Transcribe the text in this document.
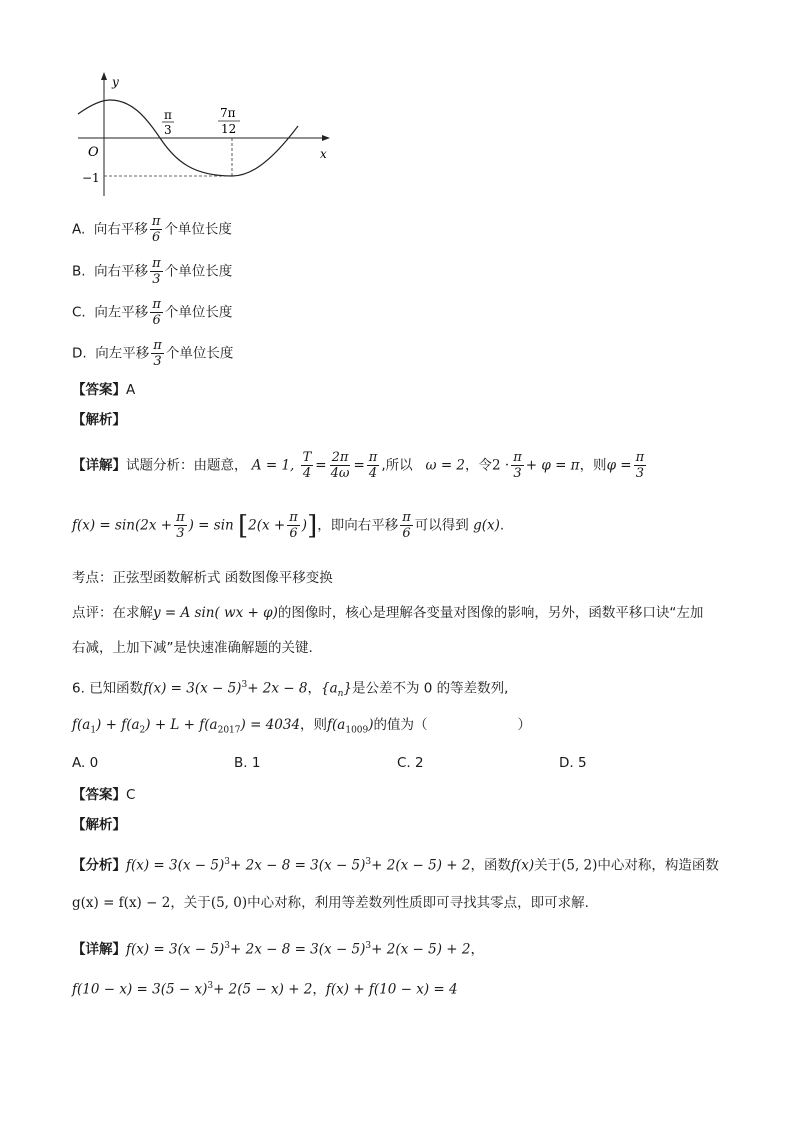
y
x
O
−1
π
3
7π
12
A. 向右平移 $\frac{\pi}{6}$ 个单位长度
B. 向右平移 $\frac{\pi}{3}$ 个单位长度
C. 向左平移 $\frac{\pi}{6}$ 个单位长度
D. 向左平移 $\frac{\pi}{3}$ 个单位长度
【答案】A
【解析】
【详解】试题分析：由题意， A = 1, $\frac{T}{4} = \frac{2\pi}{4\omega} = \frac{\pi}{4}$ ,所以 ω = 2，令$2 \cdot \frac{\pi}{3} + \varphi = \pi$，则$\varphi = \frac{\pi}{3}$
$f(x) = \sin(2x + \frac{\pi}{3}$ ) = $\sin [2(x + \frac{\pi}{6}$ )]，即向右平移 $\frac{\pi}{6}$ 可以得到 g(x).
考点：正弦型函数解析式 函数图像平移变换
点评：在求解y = A sin( wx + φ)的图像时，核心是理解各变量对图像的影响，另外，函数平移口诀“左加
右减，上加下减”是快速准确解题的关键.
6. 已知函数$f(x) = 3(x - 5)^3+ 2x - 8$，$\{a_n\}$是公差不为 0 的等差数列,
$f(a_1) + f(a_2) + L + f(a_{2017}) = 4034$，则$f(a_{1009})$的值为（	）
A. 0	B. 1	C. 2	D. 5
【答案】C
【解析】
【分析】$f(x) = 3(x - 5)^3+ 2x - 8 = 3(x - 5)^3+ 2(x - 5) + 2$，函数f(x)关于(5, 2)中心对称，构造函数
g(x) = f(x) − 2，关于(5, 0)中心对称，利用等差数列性质即可寻找其零点，即可求解.
【详解】$f(x) = 3(x - 5)^3+ 2x - 8 = 3(x - 5)^3+ 2(x - 5) + 2$，
$f(10 - x) = 3(5 - x)^3+ 2(5 - x) + 2$，f(x) + f(10 − x) = 4
